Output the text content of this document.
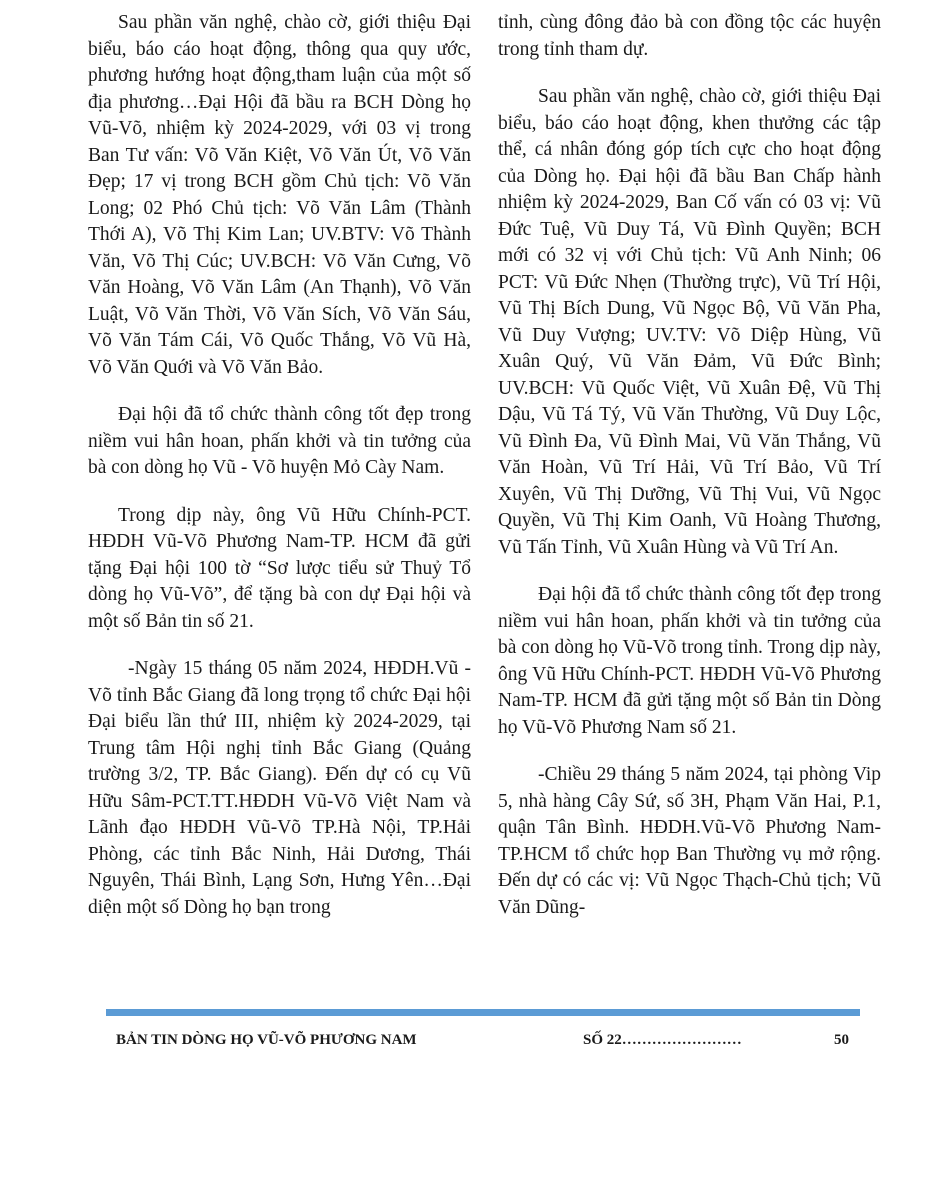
Sau phần văn nghệ, chào cờ, giới thiệu Đại biểu, báo cáo hoạt động, thông qua quy ước, phương hướng hoạt động,tham luận của một số địa phương…Đại Hội đã bầu ra BCH Dòng họ Vũ-Võ, nhiệm kỳ 2024-2029, với 03 vị trong Ban Tư vấn: Võ Văn Kiệt, Võ Văn Út, Võ Văn Đẹp; 17 vị trong BCH gồm Chủ tịch: Võ Văn Long; 02 Phó Chủ tịch: Võ Văn Lâm (Thành Thới A), Võ Thị Kim Lan; UV.BTV: Võ Thành Văn, Võ Thị Cúc; UV.BCH: Võ Văn Cưng, Võ Văn Hoàng, Võ Văn Lâm (An Thạnh), Võ Văn Luật, Võ Văn Thời, Võ Văn Sích, Võ Văn Sáu, Võ Văn Tám Cái, Võ Quốc Thắng, Võ Vũ Hà, Võ Văn Quới và Võ Văn Bảo.

Đại hội đã tổ chức thành công tốt đẹp trong niềm vui hân hoan, phấn khởi và tin tưởng của bà con dòng họ Vũ - Võ huyện Mỏ Cày Nam.

Trong dịp này, ông Vũ Hữu Chính-PCT. HĐDH Vũ-Võ Phương Nam-TP. HCM đã gửi tặng Đại hội 100 tờ “Sơ lược tiểu sử Thuỷ Tổ dòng họ Vũ-Võ”, để tặng bà con dự Đại hội và một số Bản tin số 21.

-Ngày 15 tháng 05 năm 2024, HĐDH.Vũ - Võ tỉnh Bắc Giang đã long trọng tổ chức Đại hội Đại biểu lần thứ III, nhiệm kỳ 2024-2029, tại Trung tâm Hội nghị tỉnh Bắc Giang (Quảng trường 3/2, TP. Bắc Giang). Đến dự có cụ Vũ Hữu Sâm-PCT.TT.HĐDH Vũ-Võ Việt Nam và Lãnh đạo HĐDH Vũ-Võ TP.Hà Nội, TP.Hải Phòng, các tỉnh Bắc Ninh, Hải Dương, Thái Nguyên, Thái Bình, Lạng Sơn, Hưng Yên…Đại diện một số Dòng họ bạn trong

tỉnh, cùng đông đảo bà con đồng tộc các huyện trong tỉnh tham dự.

Sau phần văn nghệ, chào cờ, giới thiệu Đại biểu, báo cáo hoạt động, khen thưởng các tập thể, cá nhân đóng góp tích cực cho hoạt động của Dòng họ. Đại hội đã bầu Ban Chấp hành nhiệm kỳ 2024-2029, Ban Cố vấn có 03 vị: Vũ Đức Tuệ, Vũ Duy Tá, Vũ Đình Quyền; BCH mới có 32 vị với Chủ tịch: Vũ Anh Ninh; 06 PCT: Vũ Đức Nhẹn (Thường trực), Vũ Trí Hội, Vũ Thị Bích Dung, Vũ Ngọc Bộ, Vũ Văn Pha, Vũ Duy Vượng; UV.TV: Võ Diệp Hùng, Vũ Xuân Quý, Vũ Văn Đảm, Vũ Đức Bình; UV.BCH: Vũ Quốc Việt, Vũ Xuân Đệ, Vũ Thị Dậu, Vũ Tá Tý, Vũ Văn Thường, Vũ Duy Lộc, Vũ Đình Đa, Vũ Đình Mai, Vũ Văn Thắng, Vũ Văn Hoàn, Vũ Trí Hải, Vũ Trí Bảo, Vũ Trí Xuyên, Vũ Thị Dưỡng, Vũ Thị Vui, Vũ Ngọc Quyền, Vũ Thị Kim Oanh, Vũ Hoàng Thương, Vũ Tấn Tỉnh, Vũ Xuân Hùng và Vũ Trí An.

Đại hội đã tổ chức thành công tốt đẹp trong niềm vui hân hoan, phấn khởi và tin tưởng của bà con dòng họ Vũ-Võ trong tỉnh. Trong dịp này, ông Vũ Hữu Chính-PCT. HĐDH Vũ-Võ Phương Nam-TP. HCM đã gửi tặng một số Bản tin Dòng họ Vũ-Võ Phương Nam số 21.

-Chiều 29 tháng 5 năm 2024, tại phòng Vip 5, nhà hàng Cây Sứ, số 3H, Phạm Văn Hai, P.1, quận Tân Bình. HĐDH.Vũ-Võ Phương Nam-TP.HCM tổ chức họp Ban Thường vụ mở rộng. Đến dự có các vị: Vũ Ngọc Thạch-Chủ tịch; Vũ Văn Dũng-

BẢN TIN DÒNG HỌ VŨ-VÕ PHƯƠNG NAM	SỐ 22……………………	50
